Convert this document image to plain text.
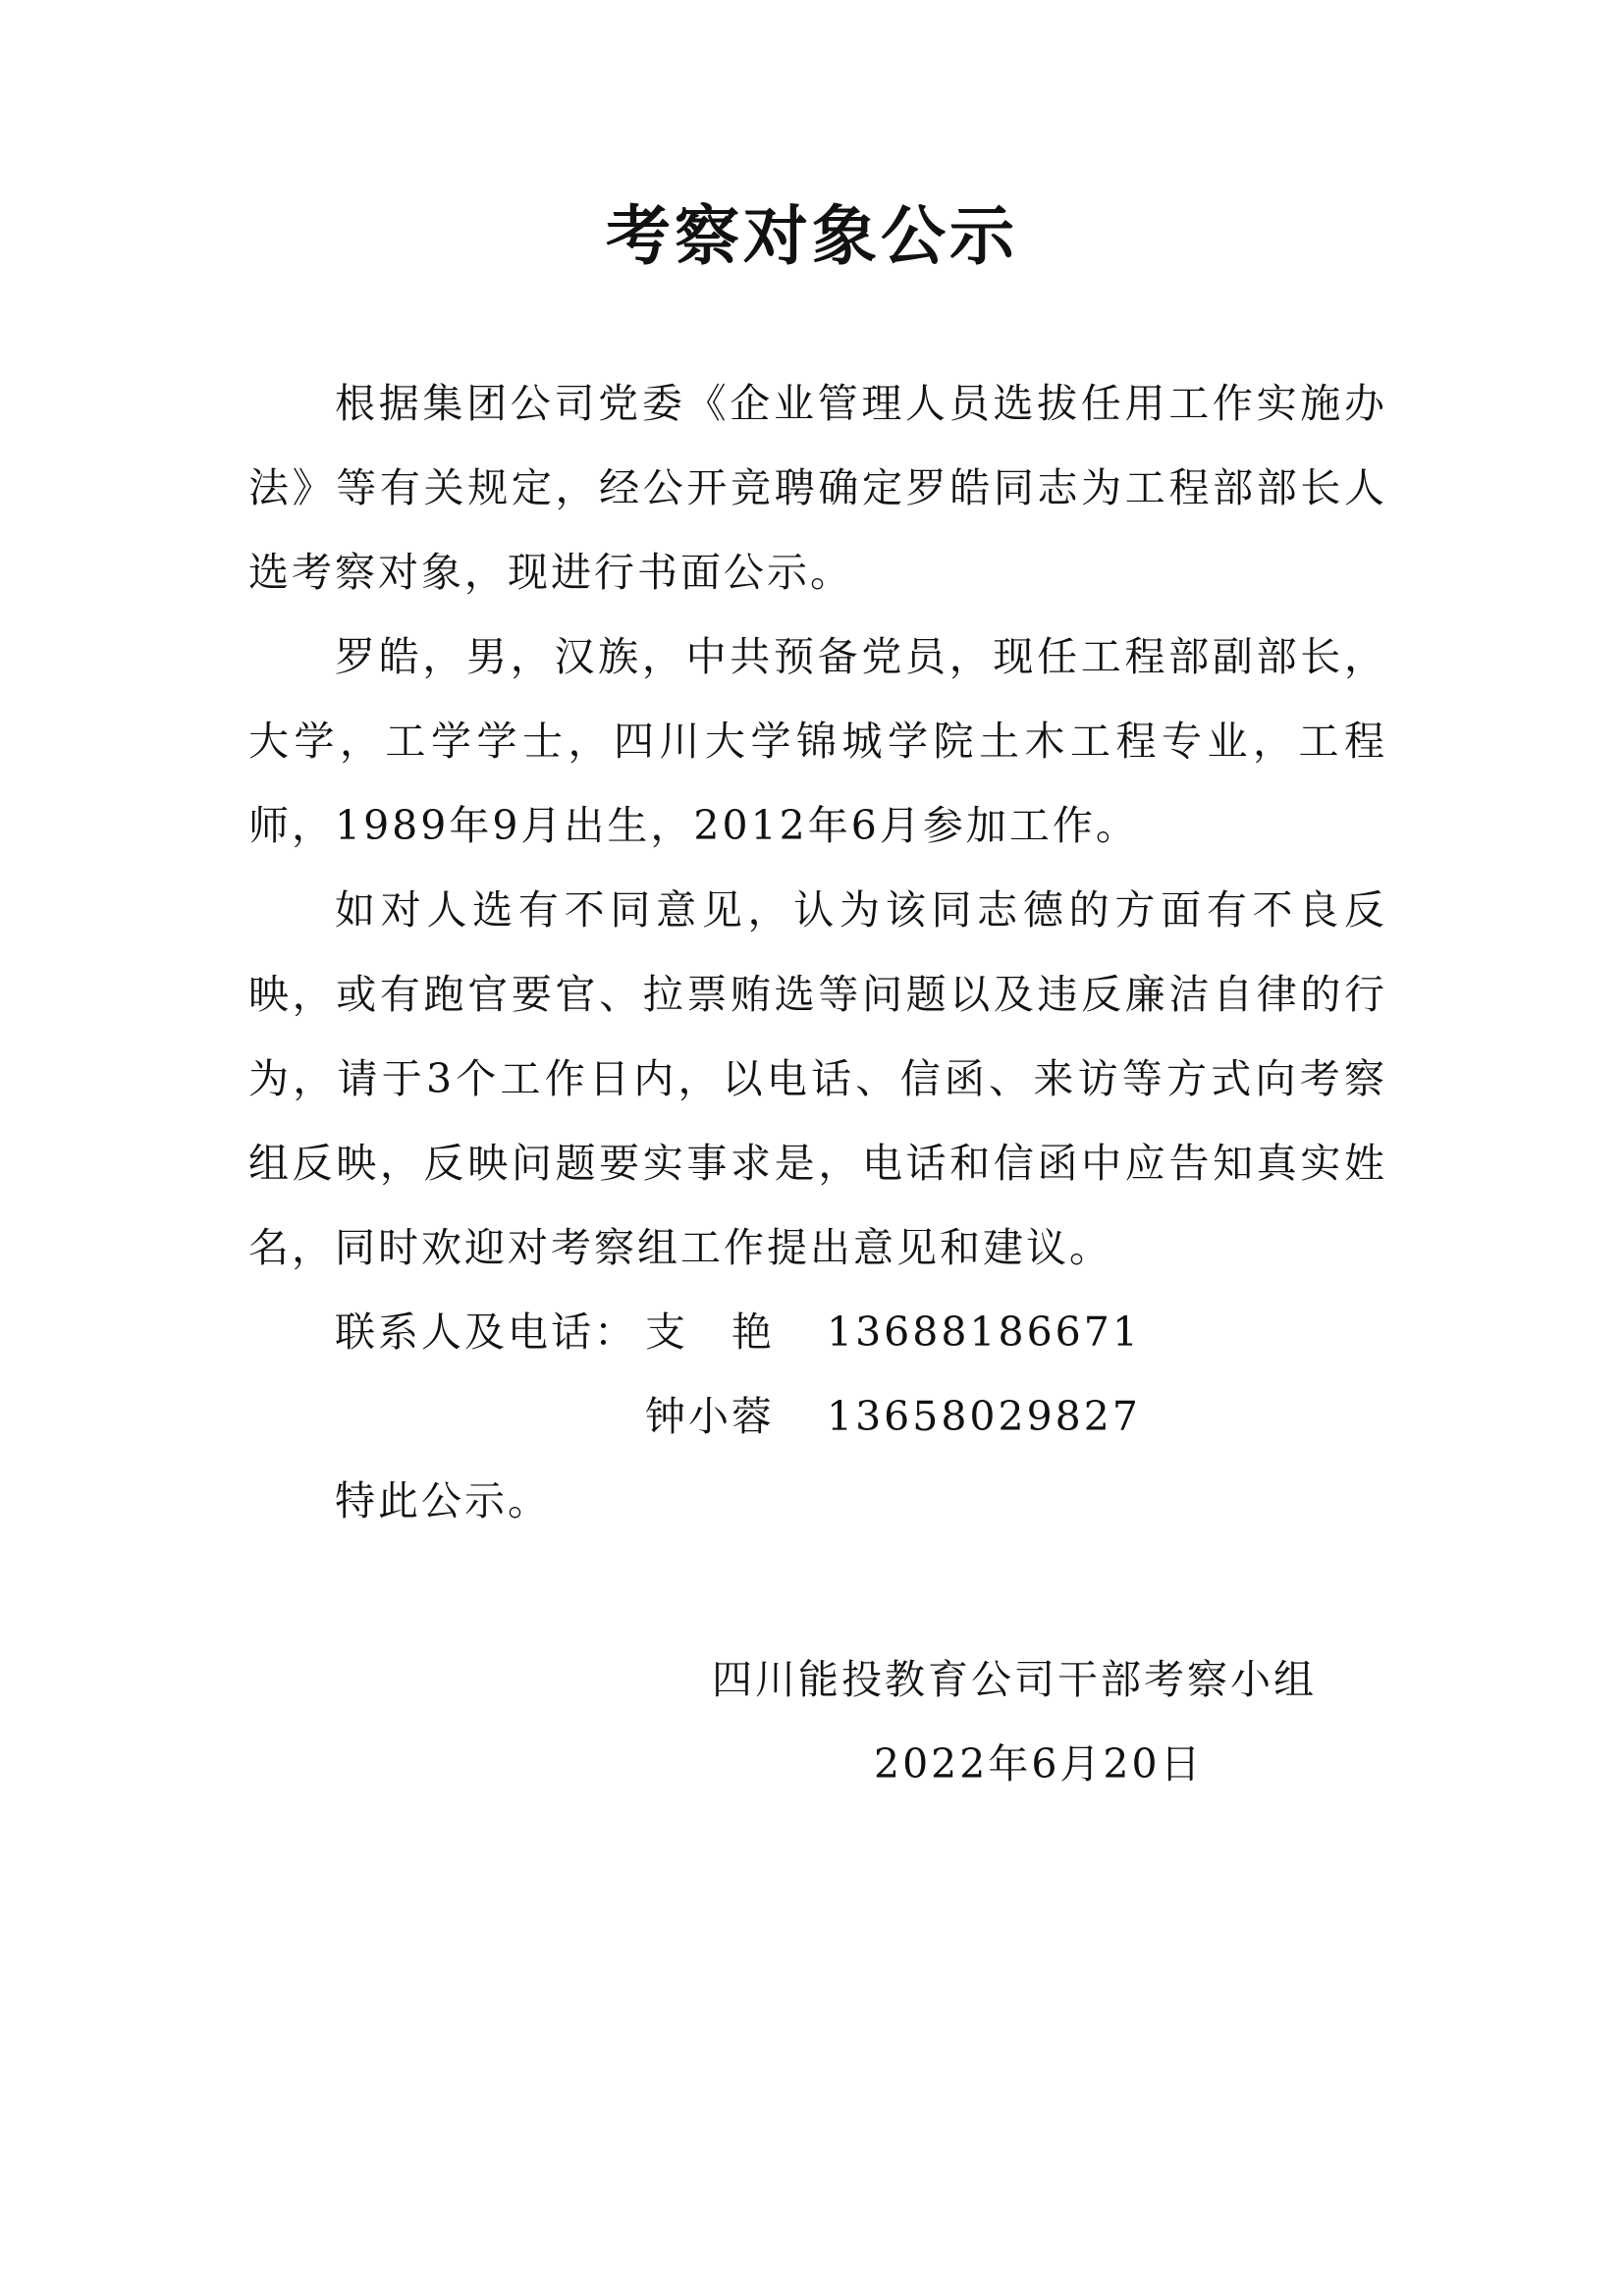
考察对象公示

根据集团公司党委《企业管理人员选拔任用工作实施办法》等有关规定，经公开竞聘确定罗皓同志为工程部部长人选考察对象，现进行书面公示。

罗皓，男，汉族，中共预备党员，现任工程部副部长，大学，工学学士，四川大学锦城学院土木工程专业，工程师，1989年9月出生，2012年6月参加工作。

如对人选有不同意见，认为该同志德的方面有不良反映，或有跑官要官、拉票贿选等问题以及违反廉洁自律的行为，请于3个工作日内，以电话、信函、来访等方式向考察组反映，反映问题要实事求是，电话和信函中应告知真实姓名，同时欢迎对考察组工作提出意见和建议。

联系人及电话： 支　艳 13688186671

钟小蓉 13658029827

特此公示。

四川能投教育公司干部考察小组

2022年6月20日
